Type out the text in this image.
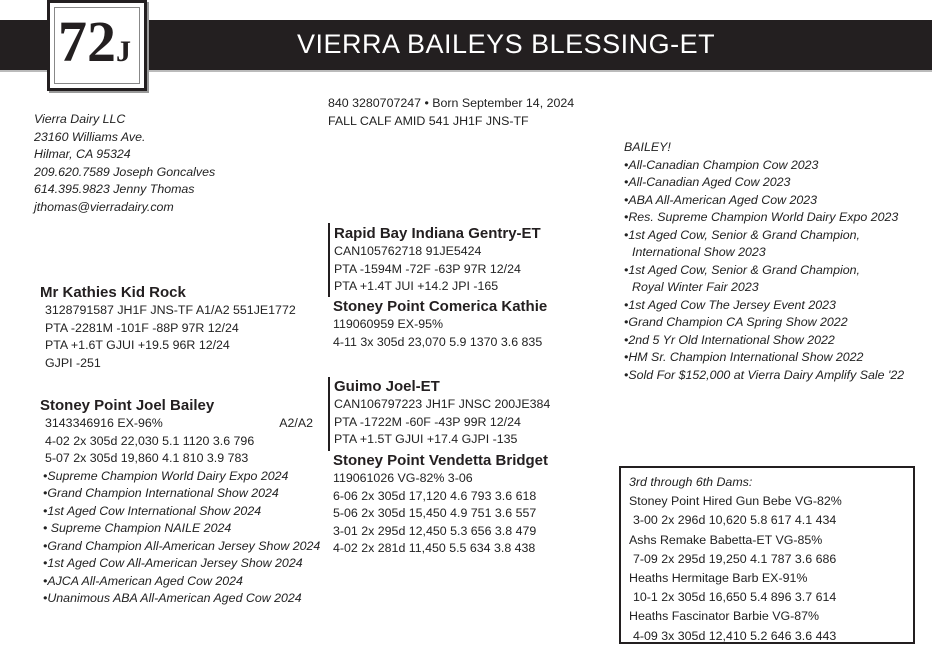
VIERRA BAILEYS BLESSING-ET
72J
Vierra Dairy LLC
23160 Williams Ave.
Hilmar, CA 95324
209.620.7589 Joseph Goncalves
614.395.9823 Jenny Thomas
jthomas@vierradairy.com
840 3280707247 • Born September 14, 2024
FALL CALF AMID 541 JH1F JNS-TF
Mr Kathies Kid Rock
3128791587 JH1F JNS-TF A1/A2 551JE1772
PTA -2281M -101F -88P 97R 12/24
PTA +1.6T GJUI +19.5 96R 12/24
GJPI -251
Stoney Point Joel Bailey
3143346916 EX-96%	A2/A2
4-02 2x 305d 22,030 5.1 1120 3.6 796
5-07 2x 305d 19,860 4.1 810 3.9 783
•Supreme Champion World Dairy Expo 2024
•Grand Champion International Show 2024
•1st Aged Cow International Show 2024
• Supreme Champion NAILE 2024
•Grand Champion All-American Jersey Show 2024
•1st Aged Cow All-American Jersey Show 2024
•AJCA All-American Aged Cow 2024
•Unanimous ABA All-American Aged Cow 2024
Rapid Bay Indiana Gentry-ET
CAN105762718 91JE5424
PTA -1594M -72F -63P 97R 12/24
PTA +1.4T JUI +14.2 JPI -165
Stoney Point Comerica Kathie
119060959 EX-95%
4-11 3x 305d 23,070 5.9 1370 3.6 835
Guimo Joel-ET
CAN106797223 JH1F JNSC 200JE384
PTA -1722M -60F -43P 99R 12/24
PTA +1.5T GJUI +17.4 GJPI -135
Stoney Point Vendetta Bridget
119061026 VG-82% 3-06
6-06 2x 305d 17,120 4.6 793 3.6 618
5-06 2x 305d 15,450 4.9 751 3.6 557
3-01 2x 295d 12,450 5.3 656 3.8 479
4-02 2x 281d 11,450 5.5 634 3.8 438
BAILEY!
•All-Canadian Champion Cow 2023
•All-Canadian Aged Cow 2023
•ABA All-American Aged Cow 2023
•Res. Supreme Champion World Dairy Expo 2023
•1st Aged Cow, Senior & Grand Champion,
International Show 2023
•1st Aged Cow, Senior & Grand Champion,
Royal Winter Fair 2023
•1st Aged Cow The Jersey Event 2023
•Grand Champion CA Spring Show 2022
•2nd 5 Yr Old International Show 2022
•HM Sr. Champion International Show 2022
•Sold For $152,000 at Vierra Dairy Amplify Sale '22
3rd through 6th Dams:
Stoney Point Hired Gun Bebe VG-82%
3-00 2x 296d 10,620 5.8 617 4.1 434
Ashs Remake Babetta-ET VG-85%
7-09 2x 295d 19,250 4.1 787 3.6 686
Heaths Hermitage Barb EX-91%
10-1 2x 305d 16,650 5.4 896 3.7 614
Heaths Fascinator Barbie VG-87%
4-09 3x 305d 12,410 5.2 646 3.6 443
